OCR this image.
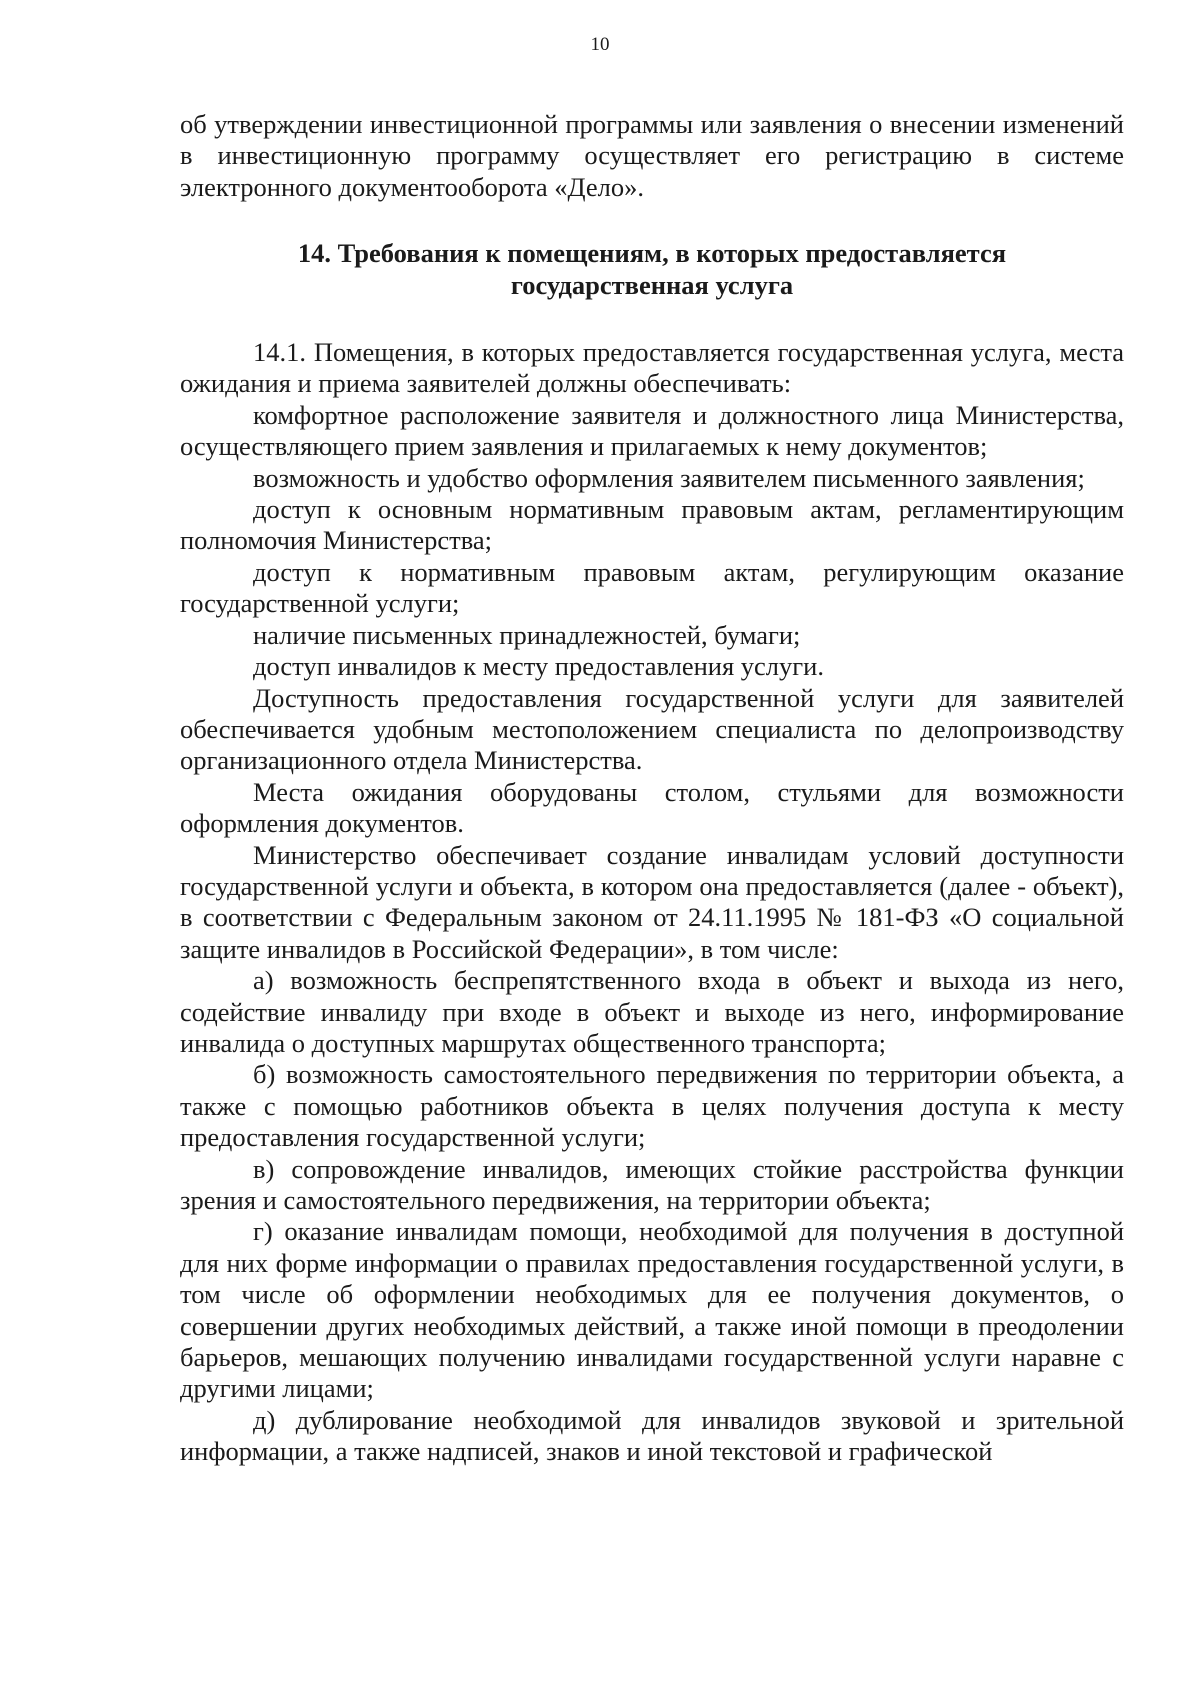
10

об утверждении инвестиционной программы или заявления о внесении изменений в инвестиционную программу осуществляет его регистрацию в системе электронного документооборота «Дело».

14. Требования к помещениям, в которых предоставляется
государственная услуга

14.1. Помещения, в которых предоставляется государственная услуга, места ожидания и приема заявителей должны обеспечивать:

комфортное расположение заявителя и должностного лица Министерства, осуществляющего прием заявления и прилагаемых к нему документов;

возможность и удобство оформления заявителем письменного заявления;

доступ к основным нормативным правовым актам, регламентирующим полномочия Министерства;

доступ к нормативным правовым актам, регулирующим оказание государственной услуги;

наличие письменных принадлежностей, бумаги;

доступ инвалидов к месту предоставления услуги.

Доступность предоставления государственной услуги для заявителей обеспечивается удобным местоположением специалиста по делопроизводству организационного отдела Министерства.

Места ожидания оборудованы столом, стульями для возможности оформления документов.

Министерство обеспечивает создание инвалидам условий доступности государственной услуги и объекта, в котором она предоставляется (далее - объект), в соответствии с Федеральным законом от 24.11.1995 № 181-ФЗ «О социальной защите инвалидов в Российской Федерации», в том числе:

а) возможность беспрепятственного входа в объект и выхода из него, содействие инвалиду при входе в объект и выходе из него, информирование инвалида о доступных маршрутах общественного транспорта;

б) возможность самостоятельного передвижения по территории объекта, а также с помощью работников объекта в целях получения доступа к месту предоставления государственной услуги;

в) сопровождение инвалидов, имеющих стойкие расстройства функции зрения и самостоятельного передвижения, на территории объекта;

г) оказание инвалидам помощи, необходимой для получения в доступной для них форме информации о правилах предоставления государственной услуги, в том числе об оформлении необходимых для ее получения документов, о совершении других необходимых действий, а также иной помощи в преодолении барьеров, мешающих получению инвалидами государственной услуги наравне с другими лицами;

д) дублирование необходимой для инвалидов звуковой и зрительной информации, а также надписей, знаков и иной текстовой и графической
